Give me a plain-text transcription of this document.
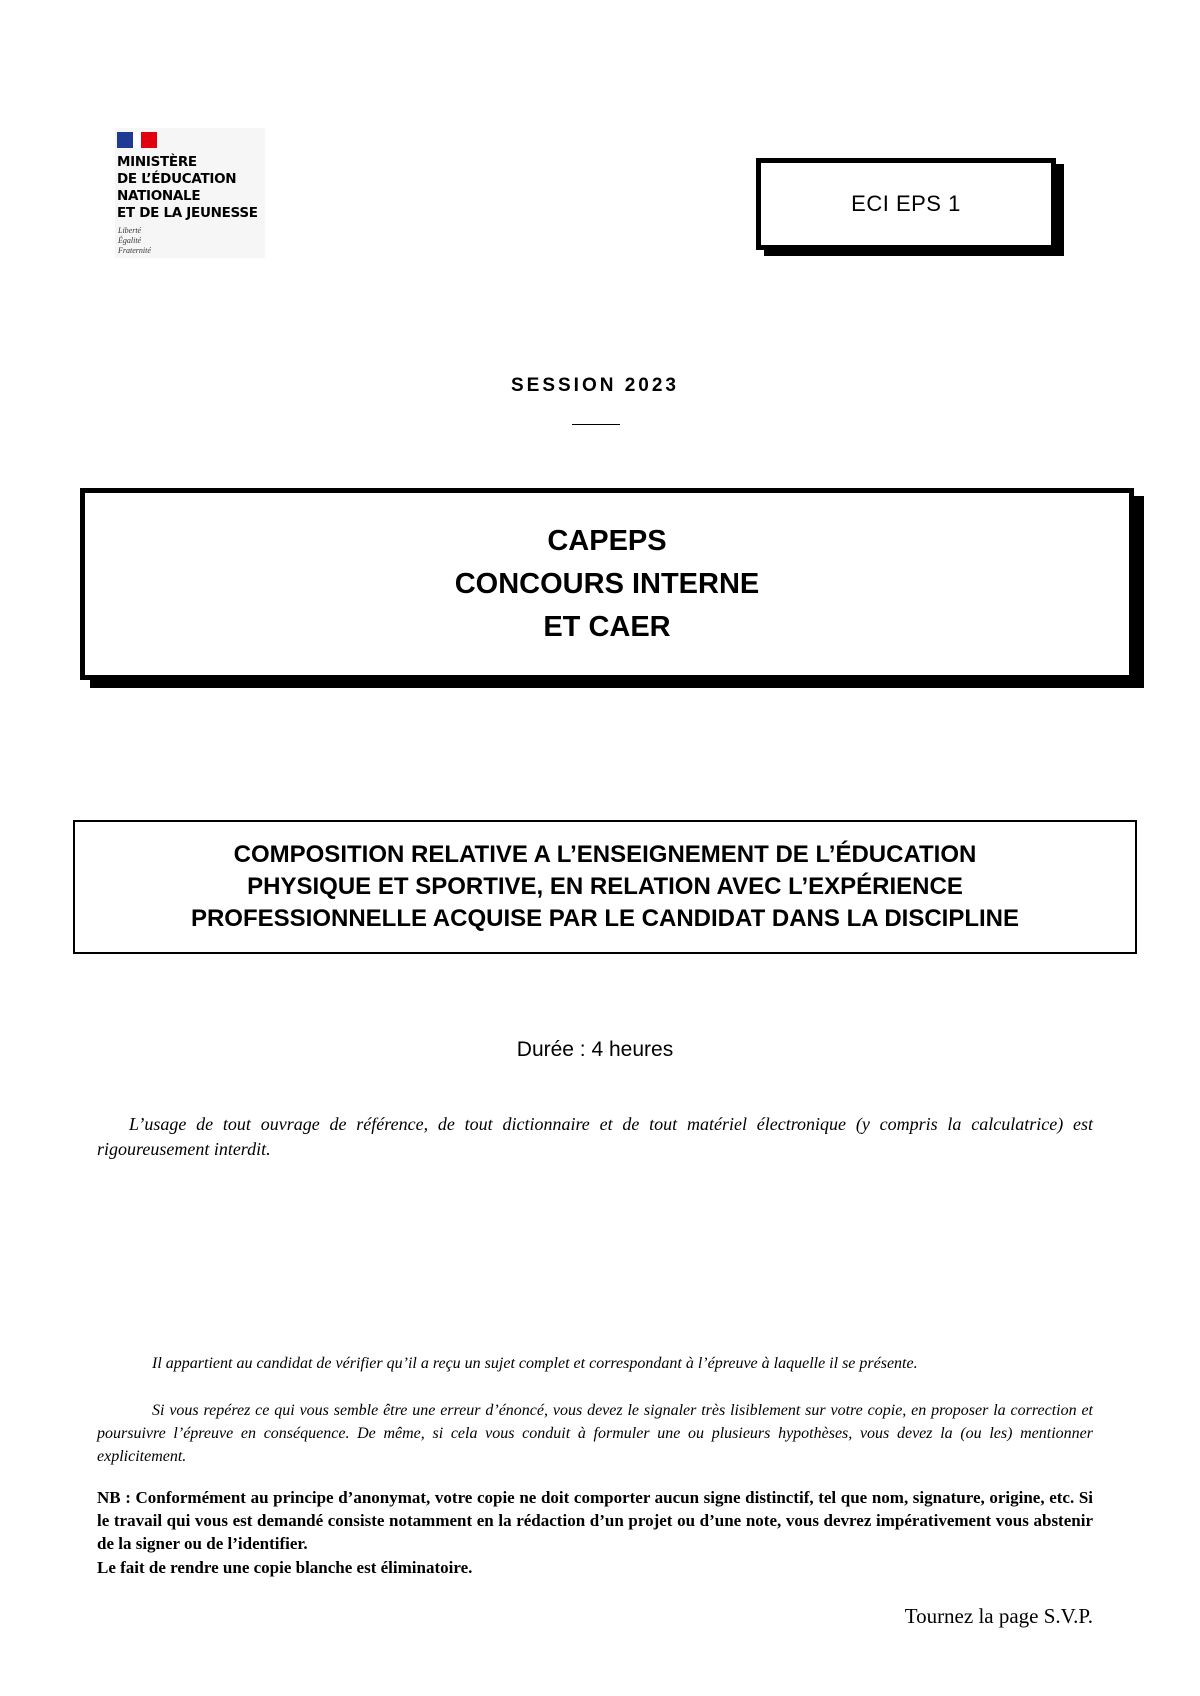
MINISTÈRE
DE L’ÉDUCATION
NATIONALE
ET DE LA JEUNESSE
Liberté
Égalité
Fraternité
ECI EPS 1
SESSION 2023
CAPEPS
CONCOURS INTERNE
ET CAER
COMPOSITION RELATIVE A L’ENSEIGNEMENT DE L’ÉDUCATION
PHYSIQUE ET SPORTIVE, EN RELATION AVEC L’EXPÉRIENCE
PROFESSIONNELLE ACQUISE PAR LE CANDIDAT DANS LA DISCIPLINE
Durée : 4 heures

L’usage de tout ouvrage de référence, de tout dictionnaire et de tout matériel électronique (y compris la calculatrice) est rigoureusement interdit.

Il appartient au candidat de vérifier qu’il a reçu un sujet complet et correspondant à l’épreuve à laquelle il se présente.

Si vous repérez ce qui vous semble être une erreur d’énoncé, vous devez le signaler très lisiblement sur votre copie, en proposer la correction et poursuivre l’épreuve en conséquence. De même, si cela vous conduit à formuler une ou plusieurs hypothèses, vous devez la (ou les) mentionner explicitement.

NB : Conformément au principe d’anonymat, votre copie ne doit comporter aucun signe distinctif, tel que nom, signature, origine, etc. Si le travail qui vous est demandé consiste notamment en la rédaction d’un projet ou d’une note, vous devrez impérativement vous abstenir de la signer ou de l’identifier.

Le fait de rendre une copie blanche est éliminatoire.

Tournez la page S.V.P.
